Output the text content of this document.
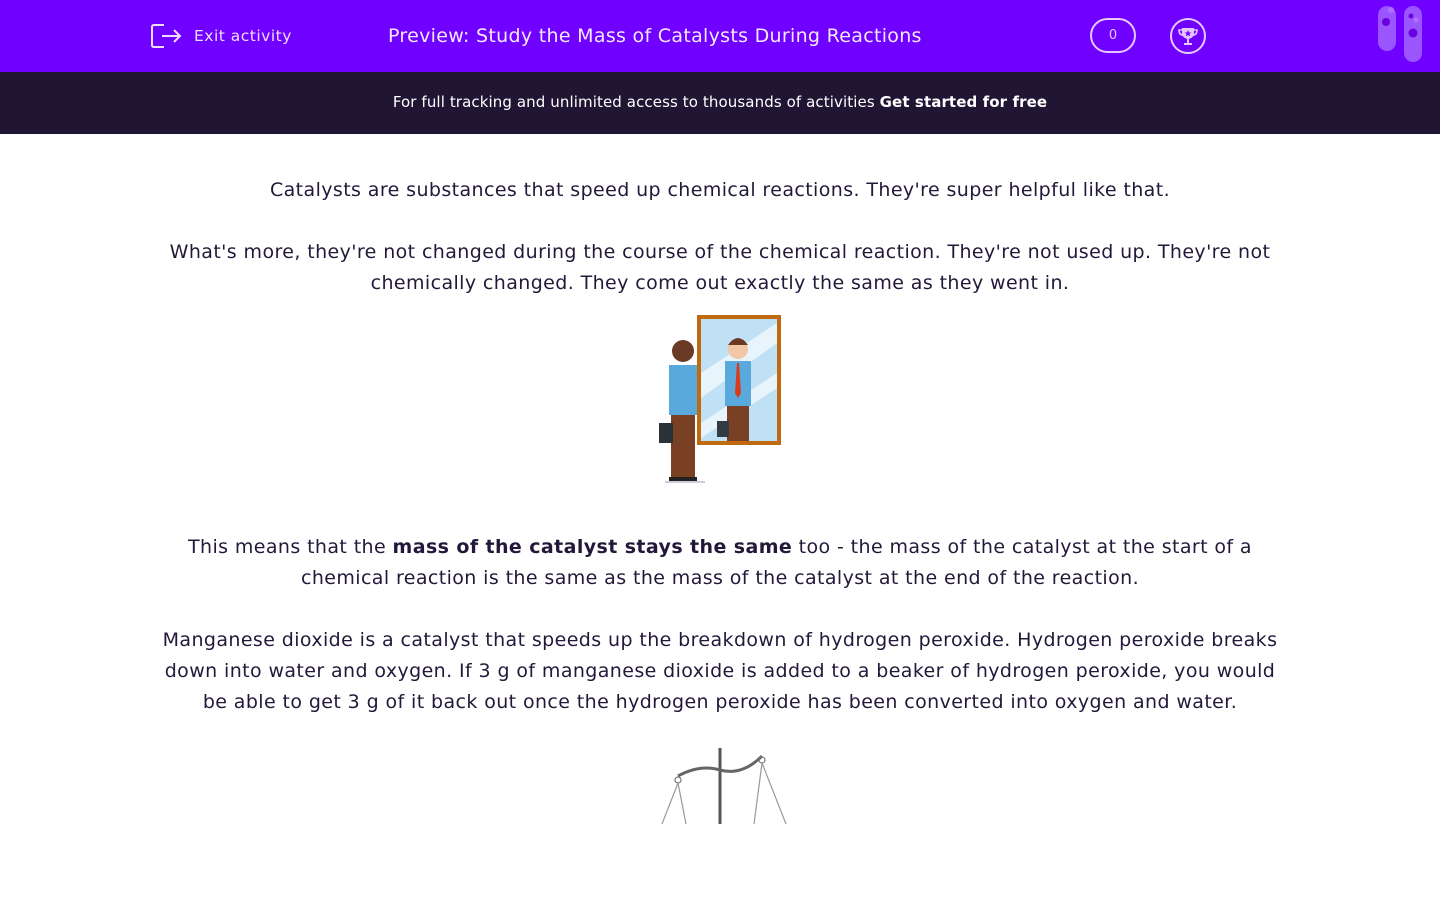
Exit activity	Preview: Study the Mass of Catalysts During Reactions	0
For full tracking and unlimited access to thousands of activities Get started for free

Catalysts are substances that speed up chemical reactions. They're super helpful like that.

What's more, they're not changed during the course of the chemical reaction. They're not used up. They're not chemically changed. They come out exactly the same as they went in.

This means that the mass of the catalyst stays the same too - the mass of the catalyst at the start of a chemical reaction is the same as the mass of the catalyst at the end of the reaction.

Manganese dioxide is a catalyst that speeds up the breakdown of hydrogen peroxide. Hydrogen peroxide breaks down into water and oxygen. If 3 g of manganese dioxide is added to a beaker of hydrogen peroxide, you would be able to get 3 g of it back out once the hydrogen peroxide has been converted into oxygen and water.
